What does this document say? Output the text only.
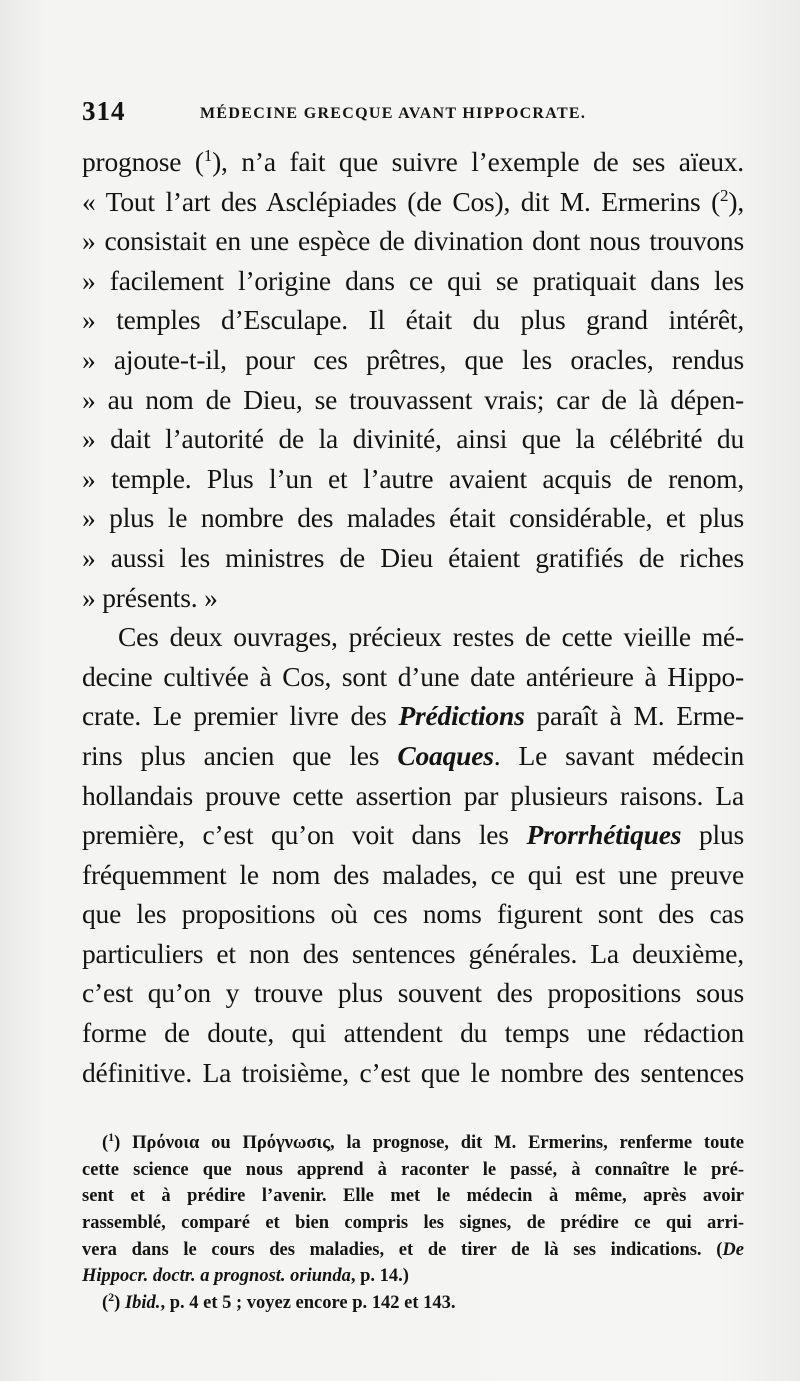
314	MÉDECINE GRECQUE AVANT HIPPOCRATE.
prognose ($^1$), n’a fait que suivre l’exemple de ses aïeux.
« Tout l’art des Asclépiades (de Cos), dit M. Ermerins ($^2$),
» consistait en une espèce de divination dont nous trouvons
» facilement l’origine dans ce qui se pratiquait dans les
» temples d’Esculape. Il était du plus grand intérêt,
» ajoute-t-il, pour ces prêtres, que les oracles, rendus
» au nom de Dieu, se trouvassent vrais; car de là dépen-
» dait l’autorité de la divinité, ainsi que la célébrité du
» temple. Plus l’un et l’autre avaient acquis de renom,
» plus le nombre des malades était considérable, et plus
» aussi les ministres de Dieu étaient gratifiés de riches
» présents. »
Ces deux ouvrages, précieux restes de cette vieille mé-
decine cultivée à Cos, sont d’une date antérieure à Hippo-
crate. Le premier livre des Prédictions paraît à M. Erme-
rins plus ancien que les Coaques. Le savant médecin
hollandais prouve cette assertion par plusieurs raisons. La
première, c’est qu’on voit dans les Prorrhétiques plus
fréquemment le nom des malades, ce qui est une preuve
que les propositions où ces noms figurent sont des cas
particuliers et non des sentences générales. La deuxième,
c’est qu’on y trouve plus souvent des propositions sous
forme de doute, qui attendent du temps une rédaction
définitive. La troisième, c’est que le nombre des sentences
($^1$) Πρόνοια ou Πρόγνωσις, la prognose, dit M. Ermerins, renferme toute
cette science que nous apprend à raconter le passé, à connaître le pré-
sent et à prédire l’avenir. Elle met le médecin à même, après avoir
rassemblé, comparé et bien compris les signes, de prédire ce qui arri-
vera dans le cours des maladies, et de tirer de là ses indications. (De
Hippocr. doctr. a prognost. oriunda, p. 14.)
($^2$) Ibid., p. 4 et 5 ; voyez encore p. 142 et 143.
